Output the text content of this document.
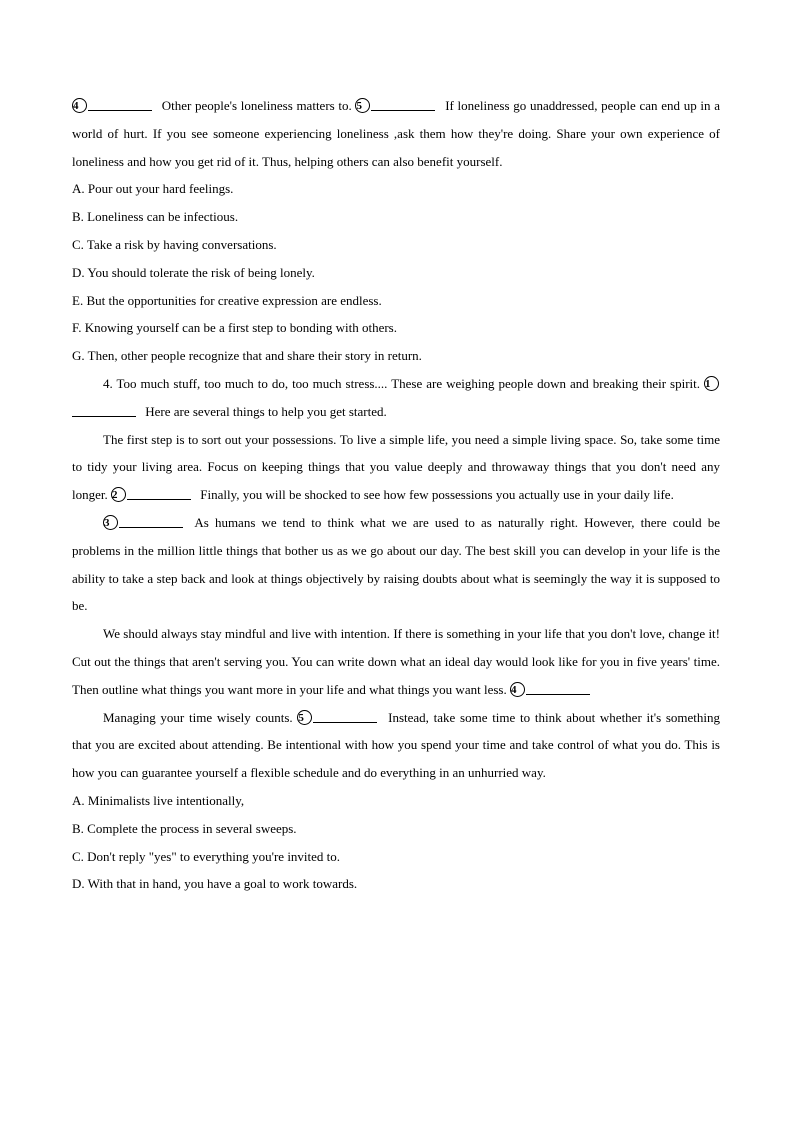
4	Other people's loneliness matters to. 5	If loneliness go unaddressed, people can end up in a world of hurt. If you see someone experiencing loneliness ,ask them how they're doing. Share your own experience of loneliness and how you get rid of it. Thus, helping others can also benefit yourself.

A. Pour out your hard feelings.

B. Loneliness can be infectious.

C. Take a risk by having conversations.

D. You should tolerate the risk of being lonely.

E. But the opportunities for creative expression are endless.

F. Knowing yourself can be a first step to bonding with others.

G. Then, other people recognize that and share their story in return.

4. Too much stuff, too much to do, too much stress.... These are weighing people down and breaking their spirit. 1 Here are several things to help you get started.

The first step is to sort out your possessions. To live a simple life, you need a simple living space. So, take some time to tidy your living area. Focus on keeping things that you value deeply and throwaway things that you don't need any longer. 2	Finally, you will be shocked to see how few possessions you actually use in your daily life.

3	As humans we tend to think what we are used to as naturally right. However, there could be problems in the million little things that bother us as we go about our day. The best skill you can develop in your life is the ability to take a step back and look at things objectively by raising doubts about what is seemingly the way it is supposed to be.

We should always stay mindful and live with intention. If there is something in your life that you don't love, change it! Cut out the things that aren't serving you. You can write down what an ideal day would look like for you in five years' time. Then outline what things you want more in your life and what things you want less. 4

Managing your time wisely counts. 5	Instead, take some time to think about whether it's something that you are excited about attending. Be intentional with how you spend your time and take control of what you do. This is how you can guarantee yourself a flexible schedule and do everything in an unhurried way.

A. Minimalists live intentionally,

B. Complete the process in several sweeps.

C. Don't reply "yes" to everything you're invited to.

D. With that in hand, you have a goal to work towards.
